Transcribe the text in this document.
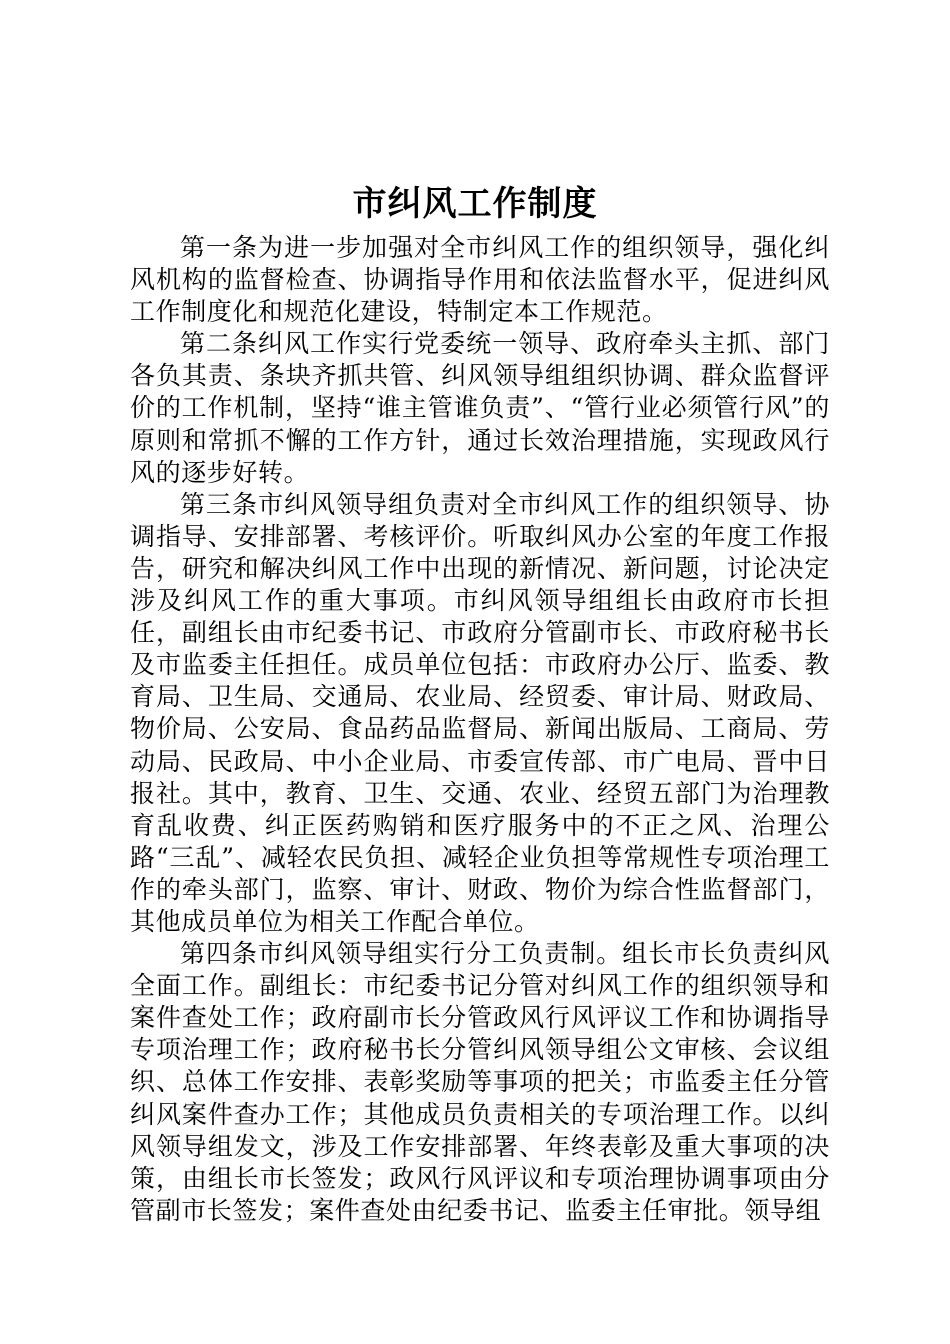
市纠风工作制度

第一条为进一步加强对全市纠风工作的组织领导，强化纠风机构的监督检查、协调指导作用和依法监督水平，促进纠风工作制度化和规范化建设，特制定本工作规范。

第二条纠风工作实行党委统一领导、政府牵头主抓、部门各负其责、条块齐抓共管、纠风领导组组织协调、群众监督评价的工作机制，坚持“谁主管谁负责”、“管行业必须管行风”的原则和常抓不懈的工作方针，通过长效治理措施，实现政风行风的逐步好转。

第三条市纠风领导组负责对全市纠风工作的组织领导、协调指导、安排部署、考核评价。听取纠风办公室的年度工作报告，研究和解决纠风工作中出现的新情况、新问题，讨论决定涉及纠风工作的重大事项。市纠风领导组组长由政府市长担任，副组长由市纪委书记、市政府分管副市长、市政府秘书长及市监委主任担任。成员单位包括：市政府办公厅、监委、教育局、卫生局、交通局、农业局、经贸委、审计局、财政局、物价局、公安局、食品药品监督局、新闻出版局、工商局、劳动局、民政局、中小企业局、市委宣传部、市广电局、晋中日报社。其中，教育、卫生、交通、农业、经贸五部门为治理教育乱收费、纠正医药购销和医疗服务中的不正之风、治理公路“三乱”、减轻农民负担、减轻企业负担等常规性专项治理工作的牵头部门，监察、审计、财政、物价为综合性监督部门，其他成员单位为相关工作配合单位。

第四条市纠风领导组实行分工负责制。组长市长负责纠风全面工作。副组长：市纪委书记分管对纠风工作的组织领导和案件查处工作；政府副市长分管政风行风评议工作和协调指导专项治理工作；政府秘书长分管纠风领导组公文审核、会议组织、总体工作安排、表彰奖励等事项的把关；市监委主任分管纠风案件查办工作；其他成员负责相关的专项治理工作。以纠风领导组发文，涉及工作安排部署、年终表彰及重大事项的决策，由组长市长签发；政风行风评议和专项治理协调事项由分管副市长签发；案件查处由纪委书记、监委主任审批。领导组
